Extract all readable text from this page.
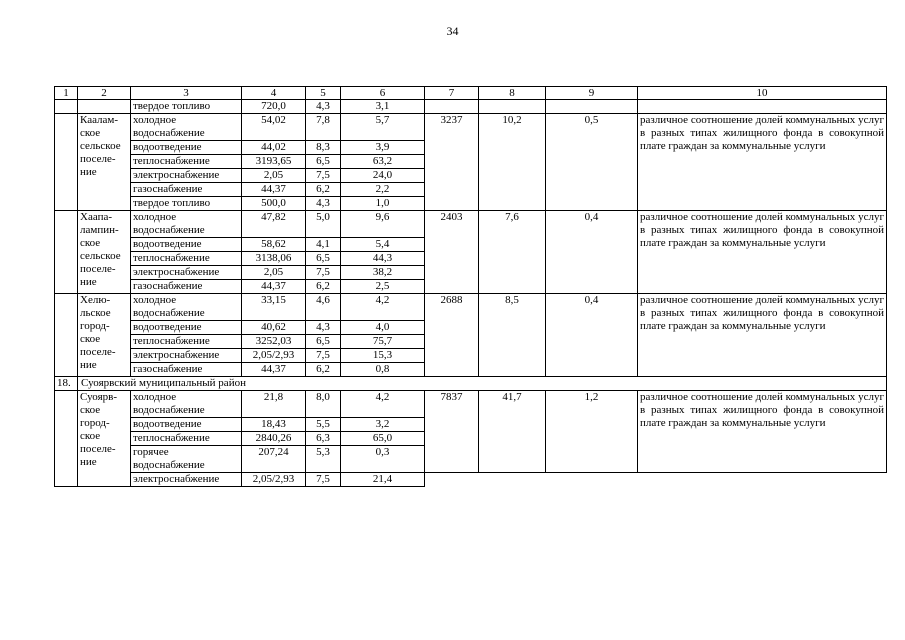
34
1	2	3	4	5	6	7	8	9	10
		твердое топливо	720,0	4,3	3,1				
	Каалам-ское сельское поселе-ние	холодное водоснабжение	54,02	7,8	5,7	3237	10,2	0,5	различное соотношение долей коммунальных услуг в разных типах жилищного фонда в совокупной плате граждан за коммунальные услуги
		водоотведение	44,02	8,3	3,9				
		теплоснабжение	3193,65	6,5	63,2				
		электроснабжение	2,05	7,5	24,0				
		газоснабжение	44,37	6,2	2,2				
		твердое топливо	500,0	4,3	1,0				
	Хаапа-лампин-ское сельское поселе-ние	холодное водоснабжение	47,82	5,0	9,6	2403	7,6	0,4	различное соотношение долей коммунальных услуг в разных типах жилищного фонда в совокупной плате граждан за коммунальные услуги
		водоотведение	58,62	4,1	5,4				
		теплоснабжение	3138,06	6,5	44,3				
		электроснабжение	2,05	7,5	38,2				
		газоснабжение	44,37	6,2	2,5				
	Хелю-льское город-ское поселе-ние	холодное водоснабжение	33,15	4,6	4,2	2688	8,5	0,4	различное соотношение долей коммунальных услуг в разных типах жилищного фонда в совокупной плате граждан за коммунальные услуги
		водоотведение	40,62	4,3	4,0				
		теплоснабжение	3252,03	6,5	75,7				
		электроснабжение	2,05/2,93	7,5	15,3				
		газоснабжение	44,37	6,2	0,8				
18.	Суоярвский муниципальный район								
	Суоярв-ское город-ское поселе-ние	холодное водоснабжение	21,8	8,0	4,2	7837	41,7	1,2	различное соотношение долей коммунальных услуг в разных типах жилищного фонда в совокупной плате граждан за коммунальные услуги
		водоотведение	18,43	5,5	3,2				
		теплоснабжение	2840,26	6,3	65,0				
		горячее водоснабжение	207,24	5,3	0,3				
		электроснабжение	2,05/2,93	7,5	21,4				
